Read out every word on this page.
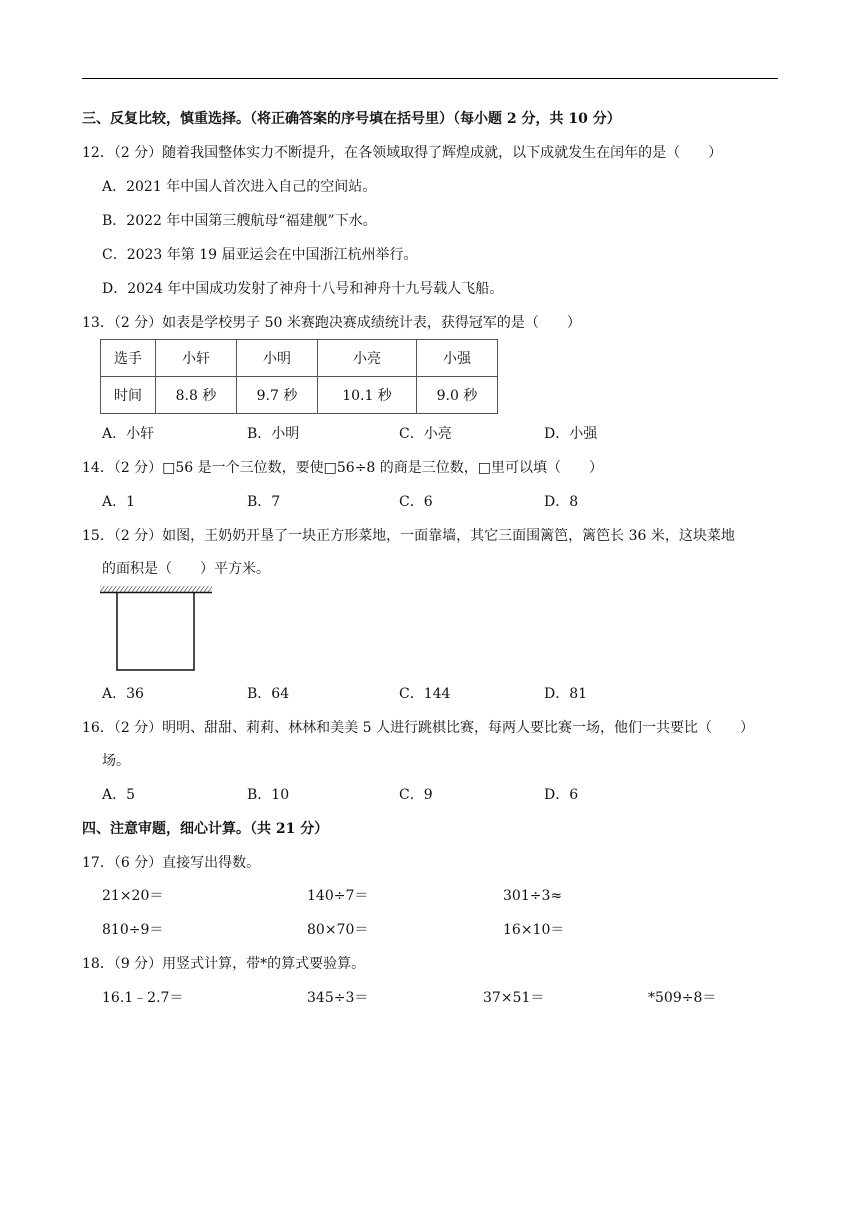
三、反复比较，慎重选择。（将正确答案的序号填在括号里）（每小题 2 分，共 10 分）
12．（2 分）随着我国整体实力不断提升，在各领域取得了辉煌成就，以下成就发生在闰年的是（　　）
A．2021 年中国人首次进入自己的空间站。
B．2022 年中国第三艘航母“福建舰”下水。
C．2023 年第 19 届亚运会在中国浙江杭州举行。
D．2024 年中国成功发射了神舟十八号和神舟十九号载人飞船。
13．（2 分）如表是学校男子 50 米赛跑决赛成绩统计表，获得冠军的是（　　）
选手	小轩	小明	小亮	小强
时间	8.8 秒	9.7 秒	10.1 秒	9.0 秒
A．小轩	B．小明	C．小亮	D．小强
14．（2 分）□56 是一个三位数，要使□56÷8 的商是三位数，□里可以填（　　）
A．1	B．7	C．6	D．8
15．（2 分）如图，王奶奶开垦了一块正方形菜地，一面靠墙，其它三面围篱笆，篱笆长 36 米，这块菜地
的面积是（　　）平方米。
A．36	B．64	C．144	D．81
16．（2 分）明明、甜甜、莉莉、林林和美美 5 人进行跳棋比赛，每两人要比赛一场，他们一共要比（　　）
场。
A．5	B．10	C．9	D．6
四、注意审题，细心计算。（共 21 分）
17．（6 分）直接写出得数。
21×20＝	140÷7＝	301÷3≈
810÷9＝	80×70＝	16×10＝
18．（9 分）用竖式计算，带*的算式要验算。
16.1﹣2.7＝	345÷3＝	37×51＝	*509÷8＝
